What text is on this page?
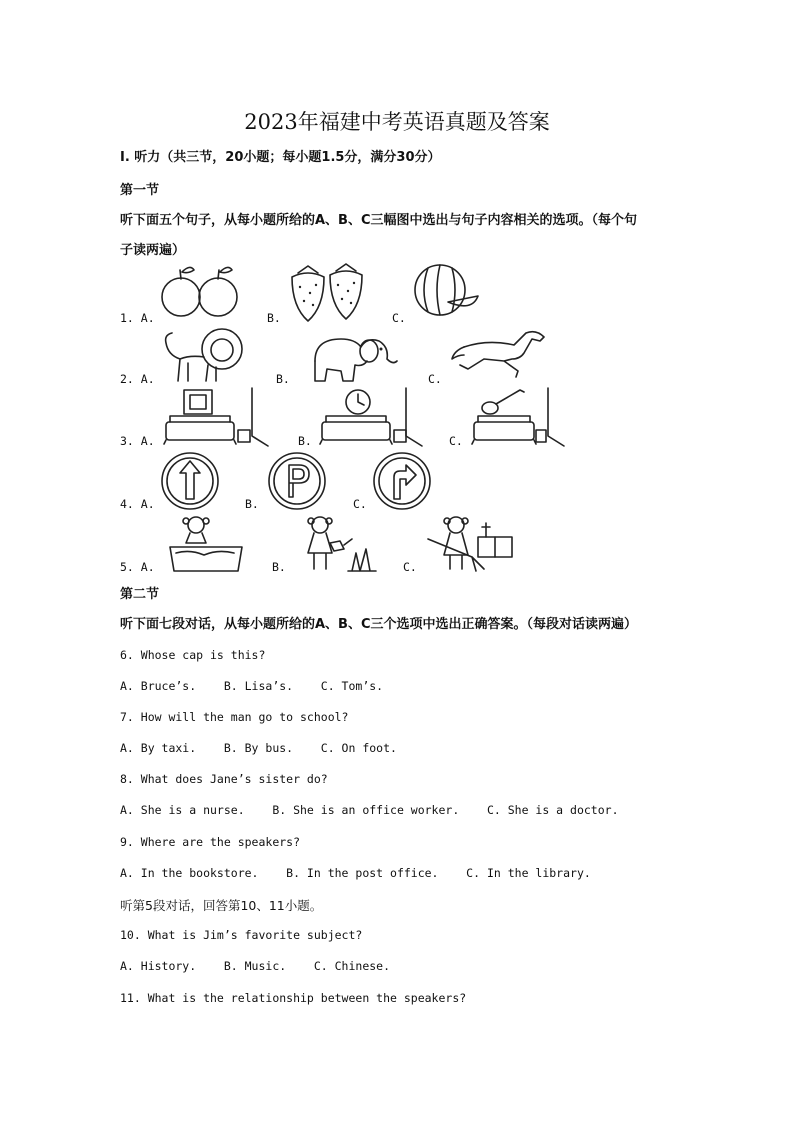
2023年福建中考英语真题及答案
Ⅰ. 听力（共三节，20小题；每小题1.5分，满分30分）
第一节
听下面五个句子，从每小题所给的A、B、C三幅图中选出与句子内容相关的选项。（每个句
子读两遍）
1. A.	B.	C.
2. A.	B.	C.
3. A.	B.	C.
4. A.	B.	C.
5. A.	B.	C.
第二节
听下面七段对话，从每小题所给的A、B、C三个选项中选出正确答案。（每段对话读两遍）
6. Whose cap is this?
A. Bruce’s.    B. Lisa’s.    C. Tom’s.
7. How will the man go to school?
A. By taxi.    B. By bus.    C. On foot.
8. What does Jane’s sister do?
A. She is a nurse.    B. She is an office worker.    C. She is a doctor.
9. Where are the speakers?
A. In the bookstore.    B. In the post office.    C. In the library.
听第5段对话，回答第10、11小题。
10. What is Jim’s favorite subject?
A. History.    B. Music.    C. Chinese.
11. What is the relationship between the speakers?
